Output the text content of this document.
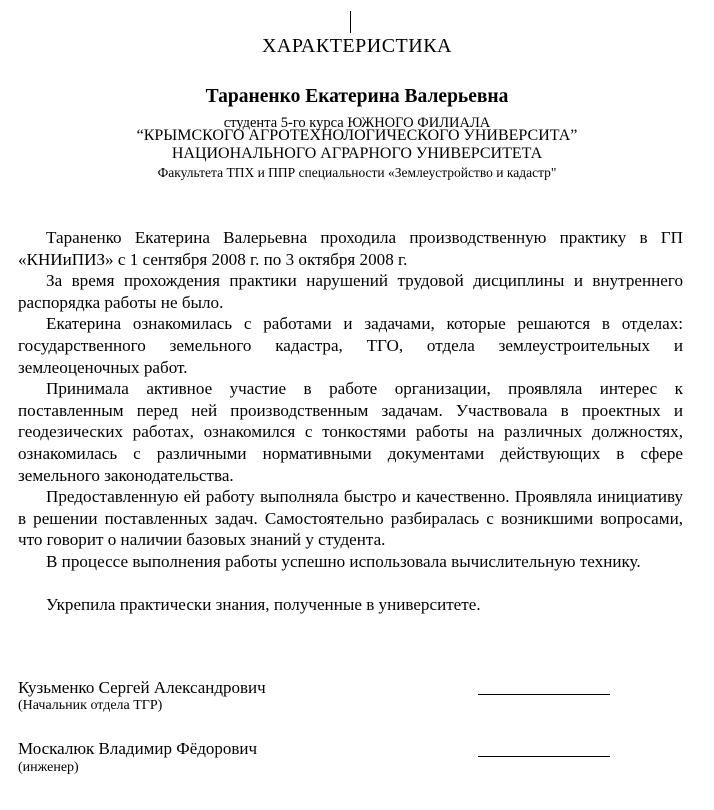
ХАРАКТЕРИСТИКА
Тараненко Екатерина Валерьевна
студента 5-го курса ЮЖНОГО ФИЛИАЛА
“КРЫМСКОГО АГРОТЕХНОЛОГИЧЕСКОГО УНИВЕРСИТА”
НАЦИОНАЛЬНОГО АГРАРНОГО УНИВЕРСИТЕТА
Факультета ТПХ и ППР специальности «Землеустройство и кадастр"

Тараненко Екатерина Валерьевна проходила производственную практику в ГП «КНИиПИЗ» с 1 сентября 2008 г. по 3 октября 2008 г.

За время прохождения практики нарушений трудовой дисциплины и внутреннего распорядка работы не было.

Екатерина ознакомилась с работами и задачами, которые решаются в отделах: государственного земельного кадастра, ТГО, отдела землеустроительных и землеоценочных работ.

Принимала активное участие в работе организации, проявляла интерес к поставленным перед ней производственным задачам. Участвовала в проектных и геодезических работах, ознакомился с тонкостями работы на различных должностях, ознакомилась с различными нормативными документами действующих в сфере земельного законодательства.

Предоставленную ей работу выполняла быстро и качественно. Проявляла инициативу в решении поставленных задач. Самостоятельно разбиралась с возникшими вопросами, что говорит о наличии базовых знаний у студента.

В процессе выполнения работы успешно использовала вычислительную технику.

Укрепила практически знания, полученные в университете.

Кузьменко Сергей Александрович
(Начальник отдела ТГР)
Москалюк Владимир Фёдорович
(инженер)
